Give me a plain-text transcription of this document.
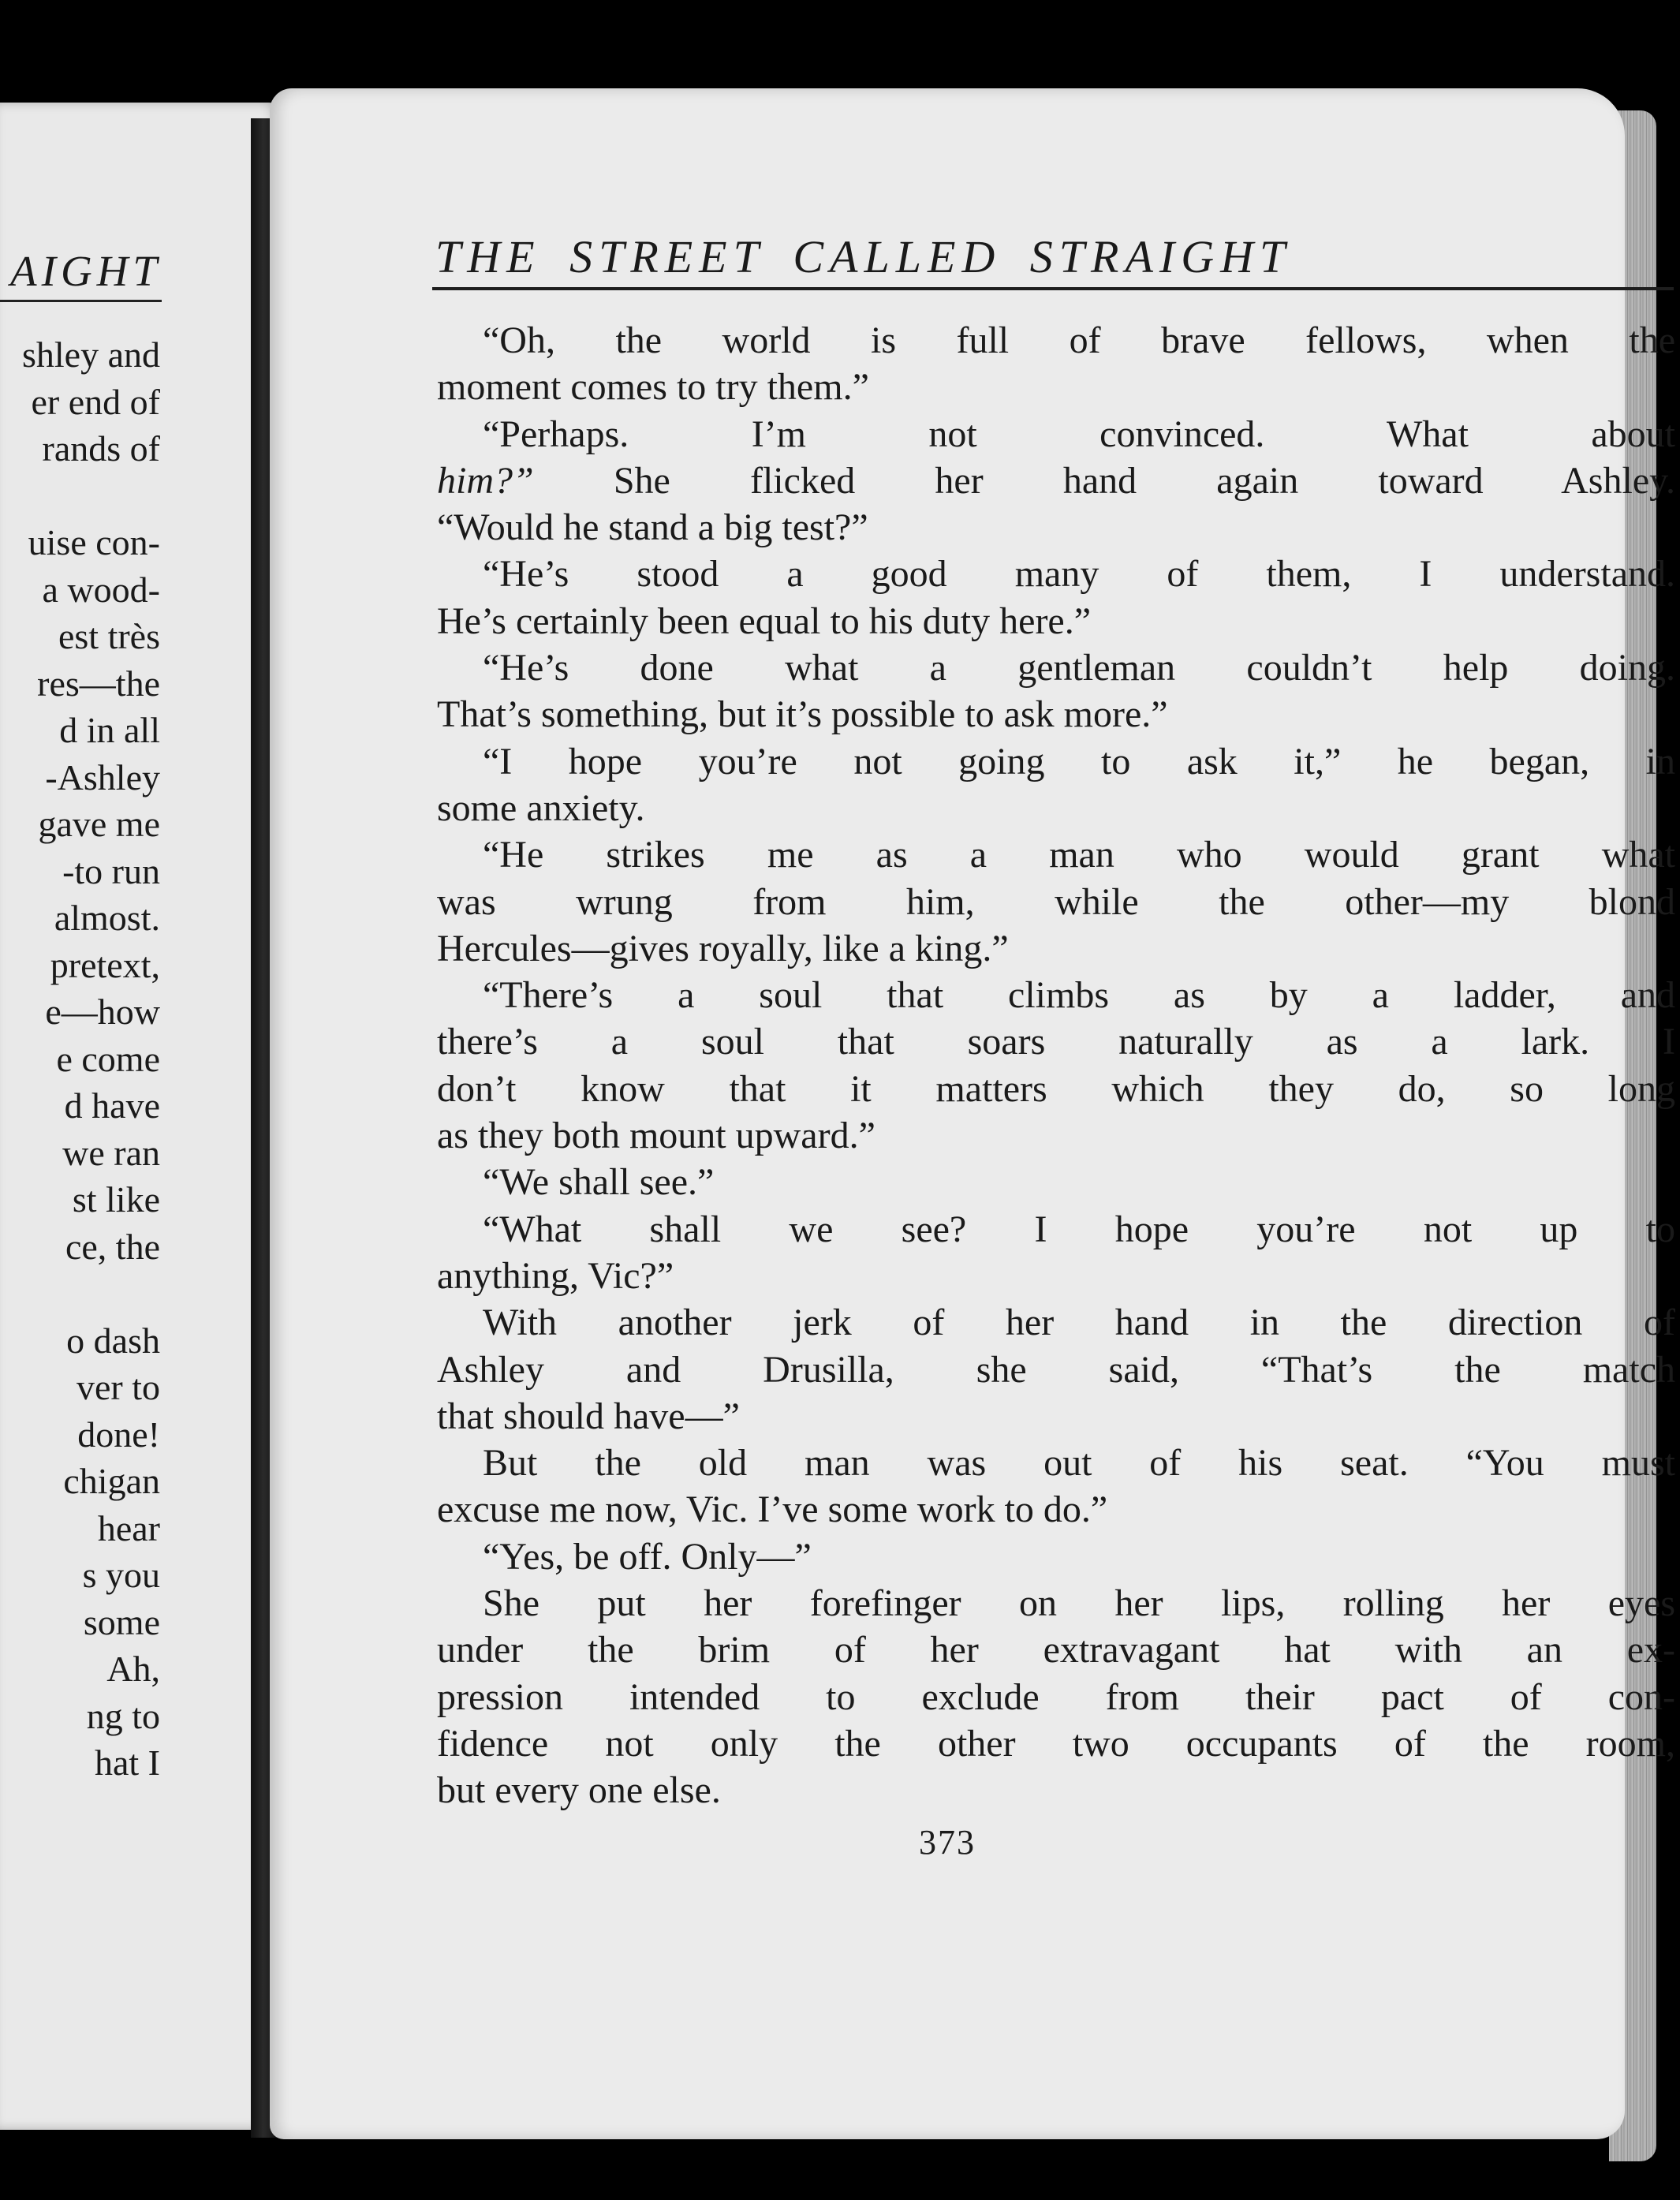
AIGHT
shley and
er end of
rands of
uise con-
a wood-
est très
res—the
d in all
-Ashley
gave me
-to run
almost.
pretext,
e—how
e come
d have
we ran
st like
ce, the
o dash
ver to
done!
chigan
hear
s you
some
Ah,
ng to
hat I
THE STREET CALLED STRAIGHT
“Oh, the world is full of brave fellows, when the
moment comes to try them.”
“Perhaps. I’m not convinced. What about
him?” She flicked her hand again toward Ashley.
“Would he stand a big test?”
“He’s stood a good many of them, I understand.
He’s certainly been equal to his duty here.”
“He’s done what a gentleman couldn’t help doing.
That’s something, but it’s possible to ask more.”
“I hope you’re not going to ask it,” he began, in
some anxiety.
“He strikes me as a man who would grant what
was wrung from him, while the other—my blond
Hercules—gives royally, like a king.”
“There’s a soul that climbs as by a ladder, and
there’s a soul that soars naturally as a lark. I
don’t know that it matters which they do, so long
as they both mount upward.”
“We shall see.”
“What shall we see? I hope you’re not up to
anything, Vic?”
With another jerk of her hand in the direction of
Ashley and Drusilla, she said, “That’s the match
that should have—”
But the old man was out of his seat. “You must
excuse me now, Vic. I’ve some work to do.”
“Yes, be off. Only—”
She put her forefinger on her lips, rolling her eyes
under the brim of her extravagant hat with an ex-
pression intended to exclude from their pact of con-
fidence not only the other two occupants of the room,
but every one else.
373
